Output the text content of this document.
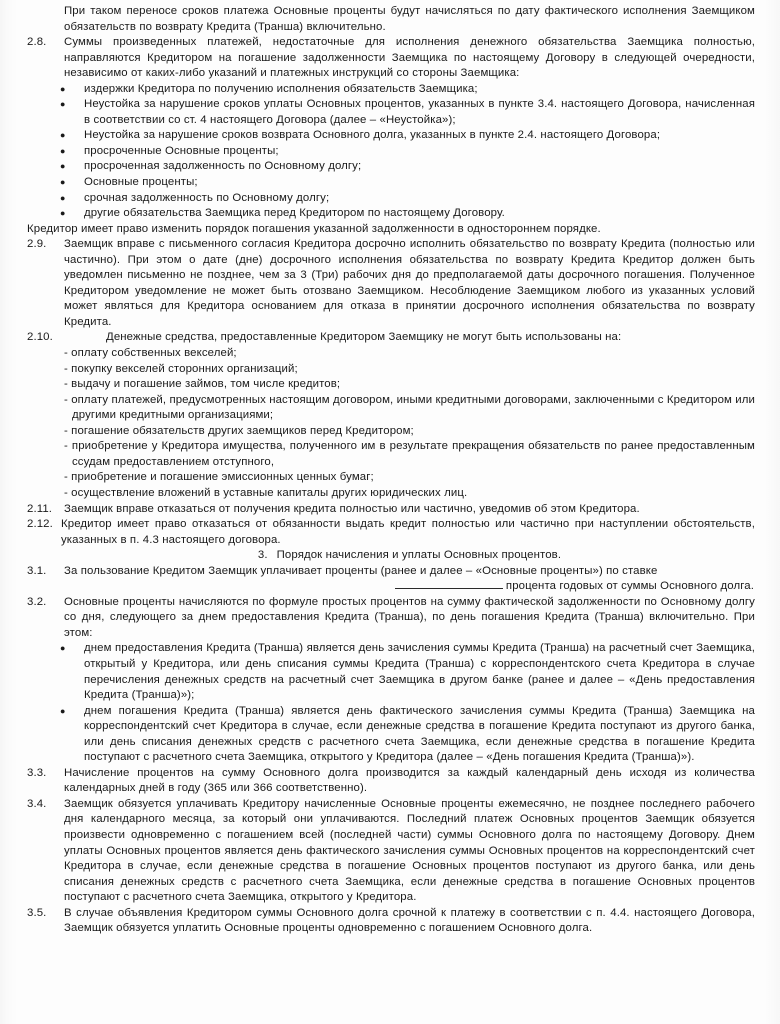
При таком переносе сроков платежа Основные проценты будут начисляться по дату фактического исполнения Заемщиком обязательств по возврату Кредита (Транша) включительно.
2.8.	Суммы произведенных платежей, недостаточные для исполнения денежного обязательства Заемщика полностью, направляются Кредитором на погашение задолженности Заемщика по настоящему Договору в следующей очередности, независимо от каких-либо указаний и платежных инструкций со стороны Заемщика:
●	издержки Кредитора по получению исполнения обязательств Заемщика;
●	Неустойка за нарушение сроков уплаты Основных процентов, указанных в пункте 3.4. настоящего Договора, начисленная в соответствии со ст. 4 настоящего Договора (далее – «Неустойка»);
●	Неустойка за нарушение сроков возврата Основного долга, указанных в пункте 2.4. настоящего Договора;
●	просроченные Основные проценты;
●	просроченная задолженность по Основному долгу;
●	Основные проценты;
●	срочная задолженность по Основному долгу;
●	другие обязательства Заемщика перед Кредитором по настоящему Договору.
Кредитор имеет право изменить порядок погашения указанной задолженности в одностороннем порядке.
2.9.	Заемщик вправе с письменного согласия Кредитора досрочно исполнить обязательство по возврату Кредита (полностью или частично). При этом о дате (дне) досрочного исполнения обязательства по возврату Кредита Кредитор должен быть уведомлен письменно не позднее, чем за 3 (Три) рабочих дня до предполагаемой даты досрочного погашения. Полученное Кредитором уведомление не может быть отозвано Заемщиком. Несоблюдение Заемщиком любого из указанных условий может являться для Кредитора основанием для отказа в принятии досрочного исполнения обязательства по возврату Кредита.
2.10.	Денежные средства, предоставленные Кредитором Заемщику не могут быть использованы на:
- оплату собственных векселей;
- покупку векселей сторонних организаций;
- выдачу и погашение займов, том числе кредитов;
- оплату платежей, предусмотренных настоящим договором, иными кредитными договорами, заключенными с Кредитором или другими кредитными организациями;
- погашение обязательств других заемщиков перед Кредитором;
- приобретение у Кредитора имущества, полученного им в результате прекращения обязательств по ранее предоставленным ссудам предоставлением отступного,
- приобретение и погашение эмиссионных ценных бумаг;
- осуществление вложений в уставные капиталы других юридических лиц.
2.11.	Заемщик вправе отказаться от получения кредита полностью или частично, уведомив об этом Кредитора.
2.12. Кредитор имеет право отказаться от обязанности выдать кредит полностью или частично при наступлении обстоятельств, указанных в п. 4.3 настоящего договора.
3. Порядок начисления и уплаты Основных процентов.
3.1.	За пользование Кредитом Заемщик уплачивает проценты (ранее и далее – «Основные проценты») по ставке
процента годовых от суммы Основного долга.
3.2.	Основные проценты начисляются по формуле простых процентов на сумму фактической задолженности по Основному долгу со дня, следующего за днем предоставления Кредита (Транша), по день погашения Кредита (Транша) включительно. При этом:
●	днем предоставления Кредита (Транша) является день зачисления суммы Кредита (Транша) на расчетный счет Заемщика, открытый у Кредитора, или день списания суммы Кредита (Транша) с корреспондентского счета Кредитора в случае перечисления денежных средств на расчетный счет Заемщика в другом банке (ранее и далее – «День предоставления Кредита (Транша)»);
●	днем погашения Кредита (Транша) является день фактического зачисления суммы Кредита (Транша) Заемщика на корреспондентский счет Кредитора в случае, если денежные средства в погашение Кредита поступают из другого банка, или день списания денежных средств с расчетного счета Заемщика, если денежные средства в погашение Кредита поступают с расчетного счета Заемщика, открытого у Кредитора (далее – «День погашения Кредита (Транша)»).
3.3.	Начисление процентов на сумму Основного долга производится за каждый календарный день исходя из количества календарных дней в году (365 или 366 соответственно).
3.4.	Заемщик обязуется уплачивать Кредитору начисленные Основные проценты ежемесячно, не позднее последнего рабочего дня календарного месяца, за который они уплачиваются. Последний платеж Основных процентов Заемщик обязуется произвести одновременно с погашением всей (последней части) суммы Основного долга по настоящему Договору. Днем уплаты Основных процентов является день фактического зачисления суммы Основных процентов на корреспондентский счет Кредитора в случае, если денежные средства в погашение Основных процентов поступают из другого банка, или день списания денежных средств с расчетного счета Заемщика, если денежные средства в погашение Основных процентов поступают с расчетного счета Заемщика, открытого у Кредитора.
3.5.	В случае объявления Кредитором суммы Основного долга срочной к платежу в соответствии с п. 4.4. настоящего Договора, Заемщик обязуется уплатить Основные проценты одновременно с погашением Основного долга.
